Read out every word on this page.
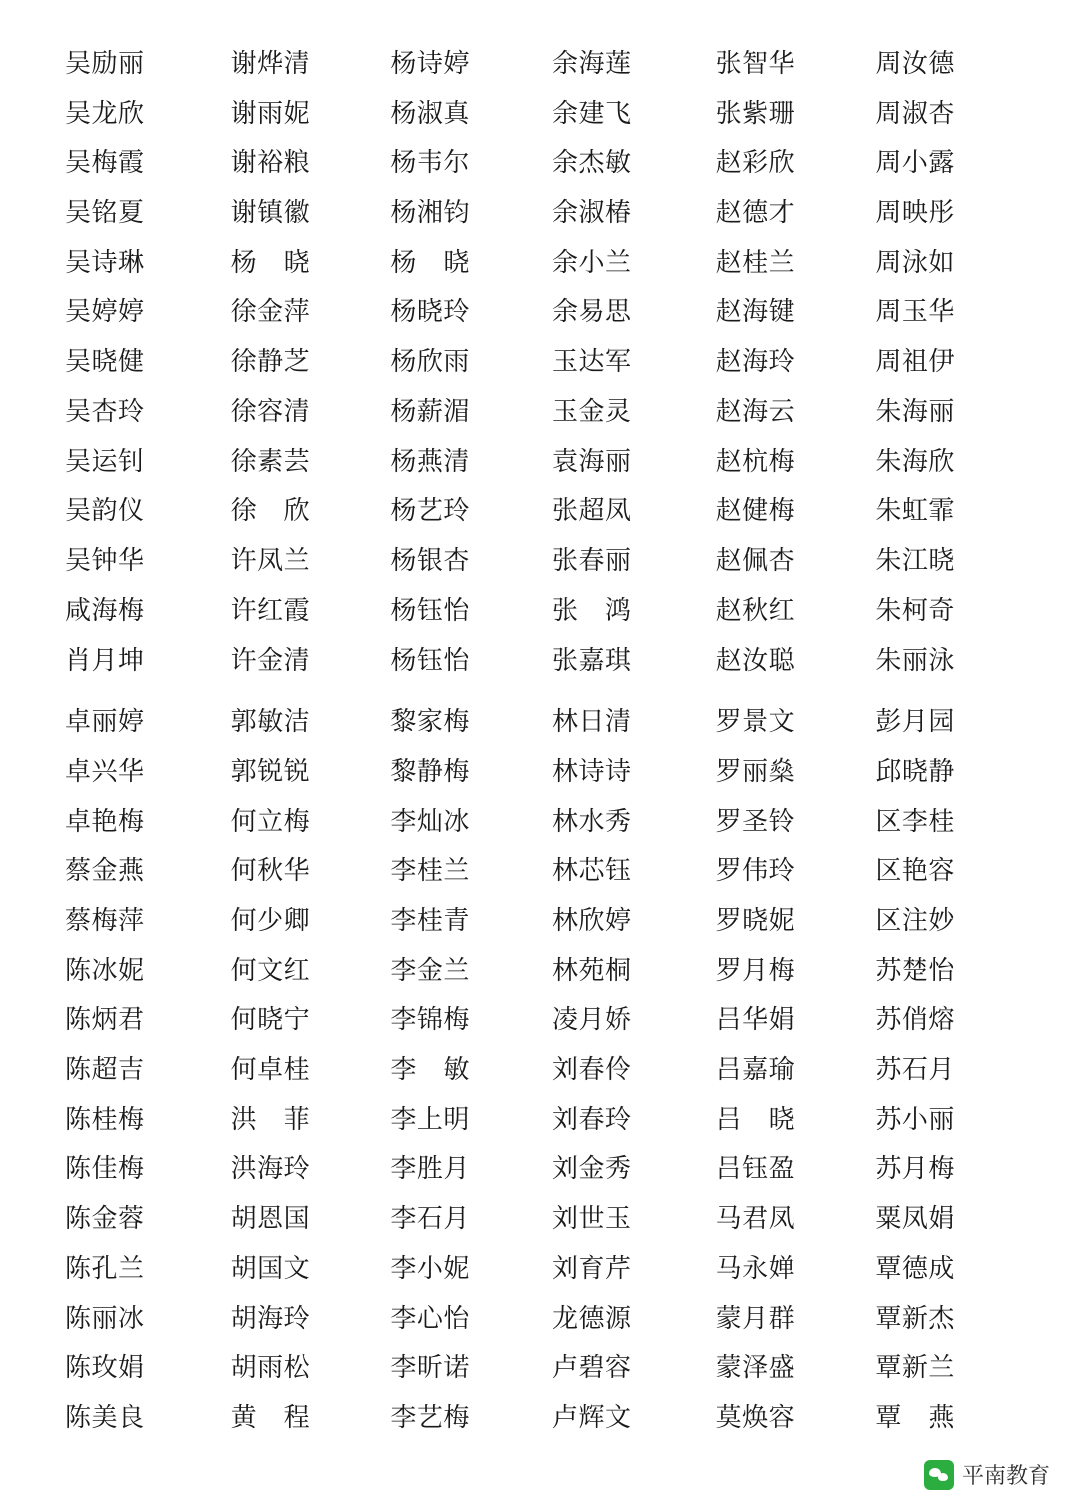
吴励丽	谢烨清	杨诗婷	余海莲	张智华	周汝德
吴龙欣	谢雨妮	杨淑真	余建飞	张紫珊	周淑杏
吴梅霞	谢裕粮	杨韦尔	余杰敏	赵彩欣	周小露
吴铭夏	谢镇徽	杨湘钧	余淑椿	赵德才	周映彤
吴诗琳	杨　晓	杨　晓	余小兰	赵桂兰	周泳如
吴婷婷	徐金萍	杨晓玲	余易思	赵海键	周玉华
吴晓健	徐静芝	杨欣雨	玉达军	赵海玲	周祖伊
吴杏玲	徐容清	杨薪湄	玉金灵	赵海云	朱海丽
吴运钊	徐素芸	杨燕清	袁海丽	赵杭梅	朱海欣
吴韵仪	徐　欣	杨艺玲	张超凤	赵健梅	朱虹霏
吴钟华	许凤兰	杨银杏	张春丽	赵佩杏	朱江晓
咸海梅	许红霞	杨钰怡	张　鸿	赵秋红	朱柯奇
肖月坤	许金清	杨钰怡	张嘉琪	赵汝聪	朱丽泳
卓丽婷	郭敏洁	黎家梅	林日清	罗景文	彭月园
卓兴华	郭锐锐	黎静梅	林诗诗	罗丽燊	邱晓静
卓艳梅	何立梅	李灿冰	林水秀	罗圣铃	区李桂
蔡金燕	何秋华	李桂兰	林芯钰	罗伟玲	区艳容
蔡梅萍	何少卿	李桂青	林欣婷	罗晓妮	区注妙
陈冰妮	何文红	李金兰	林苑桐	罗月梅	苏楚怡
陈炳君	何晓宁	李锦梅	凌月娇	吕华娟	苏俏熔
陈超吉	何卓桂	李　敏	刘春伶	吕嘉瑜	苏石月
陈桂梅	洪　菲	李上明	刘春玲	吕　晓	苏小丽
陈佳梅	洪海玲	李胜月	刘金秀	吕钰盈	苏月梅
陈金蓉	胡恩国	李石月	刘世玉	马君凤	粟凤娟
陈孔兰	胡国文	李小妮	刘育芹	马永婵	覃德成
陈丽冰	胡海玲	李心怡	龙德源	蒙月群	覃新杰
陈玫娟	胡雨松	李昕诺	卢碧容	蒙泽盛	覃新兰
陈美良	黄　程	李艺梅	卢辉文	莫焕容	覃　燕
平南教育
